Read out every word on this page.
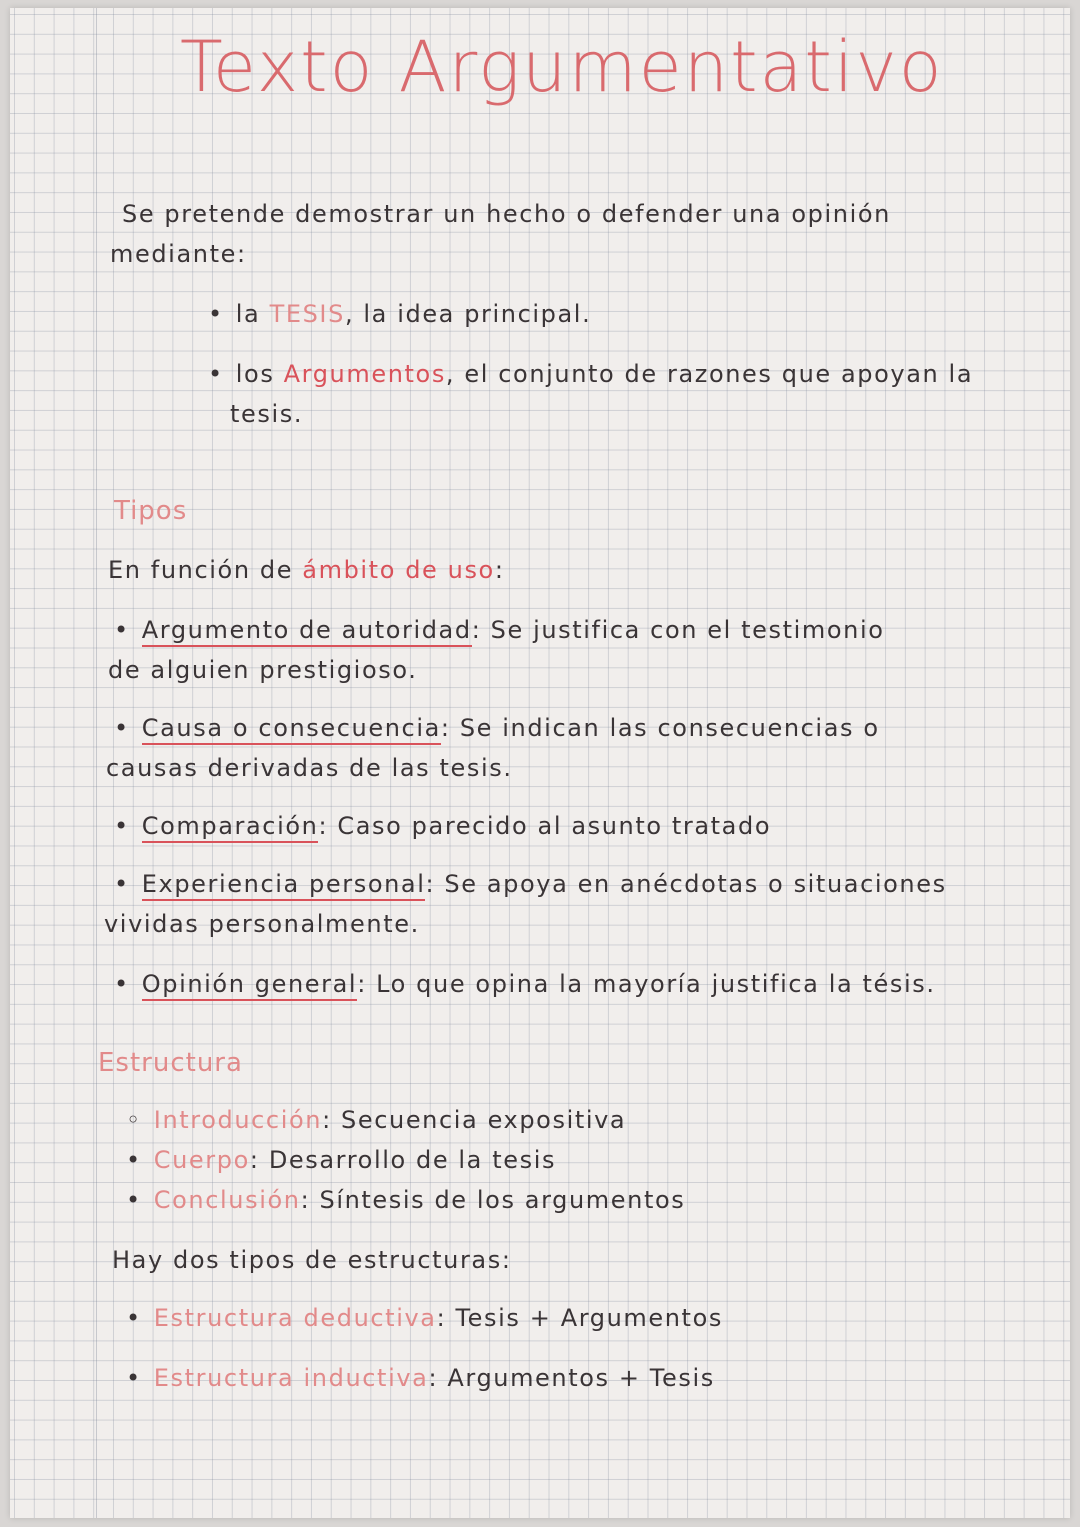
Texto Argumentativo
Se pretende demostrar un hecho o defender una opinión
mediante:
• la TESIS, la idea principal.
• los Argumentos, el conjunto de razones que apoyan la
tesis.
Tipos
En función de ámbito de uso:
• Argumento de autoridad: Se justifica con el testimonio
de alguien prestigioso.
• Causa o consecuencia: Se indican las consecuencias o
causas derivadas de las tesis.
• Comparación: Caso parecido al asunto tratado
• Experiencia personal: Se apoya en anécdotas o situaciones
vividas personalmente.
• Opinión general: Lo que opina la mayoría justifica la tésis.
Estructura
◦ Introducción: Secuencia expositiva
• Cuerpo: Desarrollo de la tesis
• Conclusión: Síntesis de los argumentos
Hay dos tipos de estructuras:
• Estructura deductiva: Tesis + Argumentos
• Estructura inductiva: Argumentos + Tesis
